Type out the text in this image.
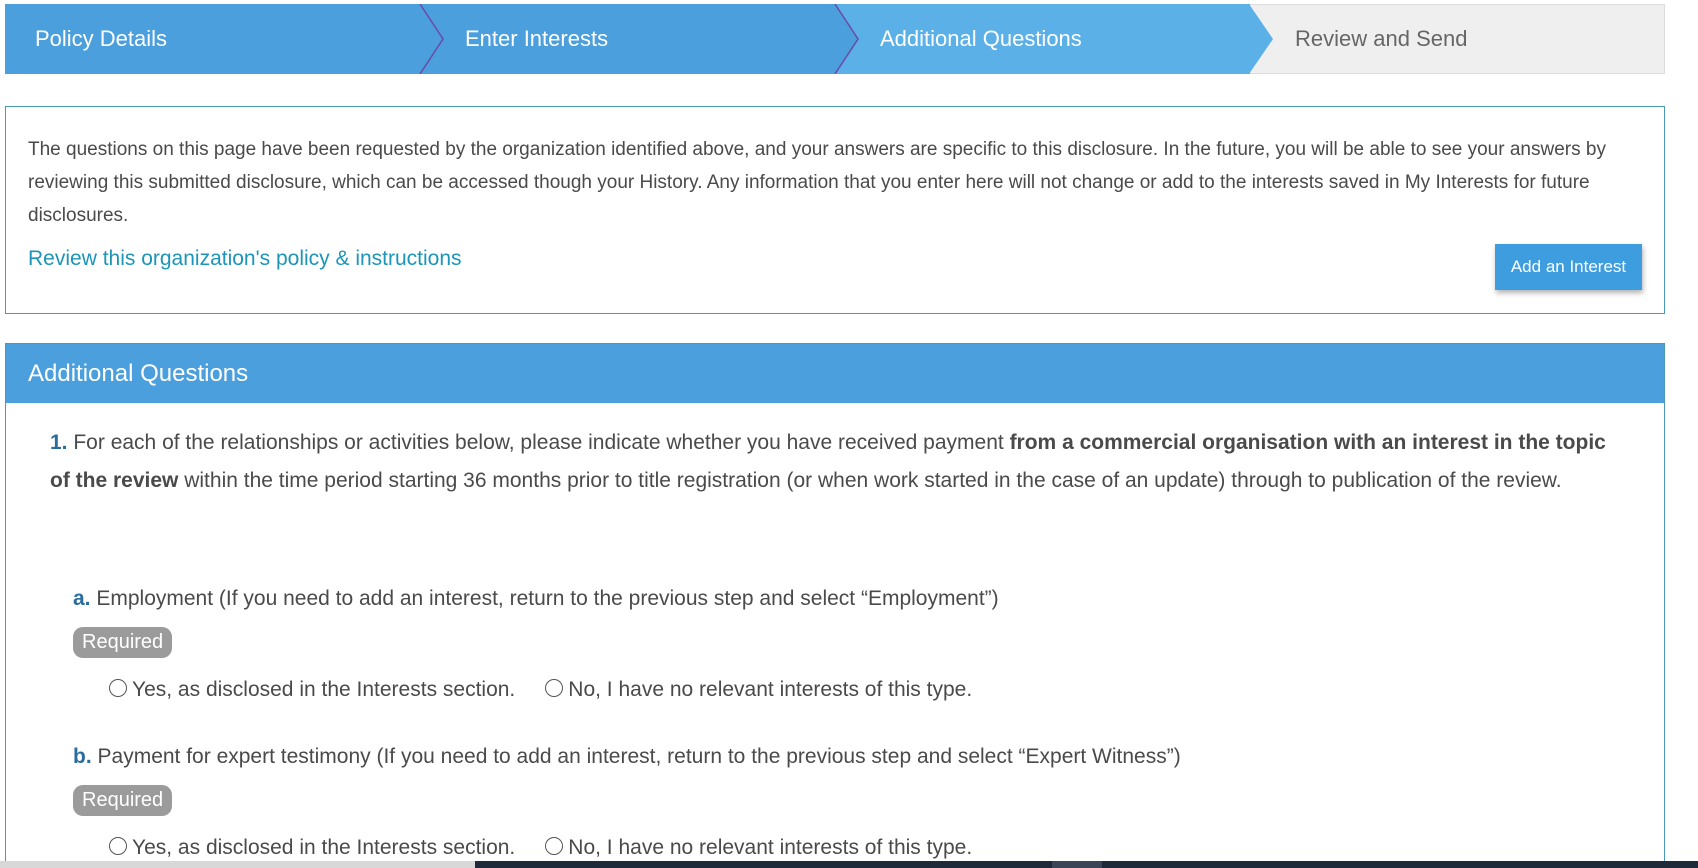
Policy Details	Enter Interests	Additional Questions	Review and Send

The questions on this page have been requested by the organization identified above, and your answers are specific to this disclosure. In the future, you will be able to see your answers by reviewing this submitted disclosure, which can be accessed though your History. Any information that you enter here will not change or add to the interests saved in My Interests for future disclosures.

Review this organization's policy & instructions	Add an Interest
Additional Questions
1. For each of the relationships or activities below, please indicate whether you have received payment from a commercial organisation with an interest in the topic of the review within the time period starting 36 months prior to title registration (or when work started in the case of an update) through to publication of the review.
a. Employment (If you need to add an interest, return to the previous step and select “Employment”)
Required
Yes, as disclosed in the Interests section.	No, I have no relevant interests of this type.
b. Payment for expert testimony (If you need to add an interest, return to the previous step and select “Expert Witness”)
Required
Yes, as disclosed in the Interests section.	No, I have no relevant interests of this type.
